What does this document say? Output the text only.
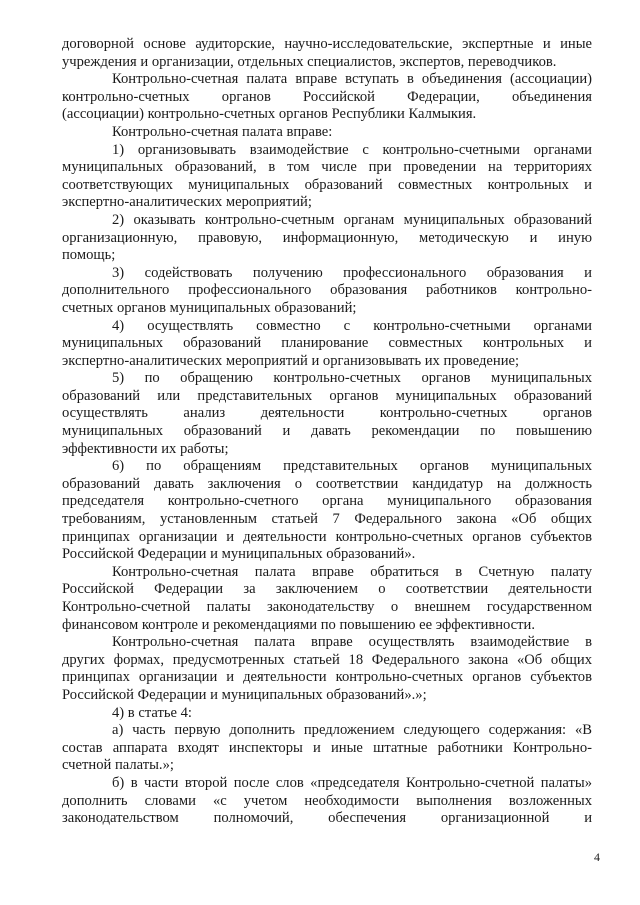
договорной основе аудиторские, научно-исследовательские, экспертные и иные
учреждения и организации, отдельных специалистов, экспертов, переводчиков.
Контрольно-счетная палата вправе вступать в объединения (ассоциации)
контрольно-счетных органов Российской Федерации, объединения
(ассоциации) контрольно-счетных органов Республики Калмыкия.
Контрольно-счетная палата вправе:
1) организовывать взаимодействие с контрольно-счетными органами
муниципальных образований, в том числе при проведении на территориях
соответствующих муниципальных образований совместных контрольных и
экспертно-аналитических мероприятий;
2) оказывать контрольно-счетным органам муниципальных образований
организационную, правовую, информационную, методическую и иную
помощь;
3) содействовать получению профессионального образования и
дополнительного профессионального образования работников контрольно-
счетных органов муниципальных образований;
4) осуществлять совместно с контрольно-счетными органами
муниципальных образований планирование совместных контрольных и
экспертно-аналитических мероприятий и организовывать их проведение;
5) по обращению контрольно-счетных органов муниципальных
образований или представительных органов муниципальных образований
осуществлять анализ деятельности контрольно-счетных органов
муниципальных образований и давать рекомендации по повышению
эффективности их работы;
6) по обращениям представительных органов муниципальных
образований давать заключения о соответствии кандидатур на должность
председателя контрольно-счетного органа муниципального образования
требованиям, установленным статьей 7 Федерального закона «Об общих
принципах организации и деятельности контрольно-счетных органов субъектов
Российской Федерации и муниципальных образований».
Контрольно-счетная палата вправе обратиться в Счетную палату
Российской Федерации за заключением о соответствии деятельности
Контрольно-счетной палаты законодательству о внешнем государственном
финансовом контроле и рекомендациями по повышению ее эффективности.
Контрольно-счетная палата вправе осуществлять взаимодействие в
других формах, предусмотренных статьей 18 Федерального закона «Об общих
принципах организации и деятельности контрольно-счетных органов субъектов
Российской Федерации и муниципальных образований».»;
4) в статье 4:
а) часть первую дополнить предложением следующего содержания: «В
состав аппарата входят инспекторы и иные штатные работники Контрольно-
счетной палаты.»;
б) в части второй после слов «председателя Контрольно-счетной палаты»
дополнить словами «с учетом необходимости выполнения возложенных
законодательством полномочий, обеспечения организационной и
4
